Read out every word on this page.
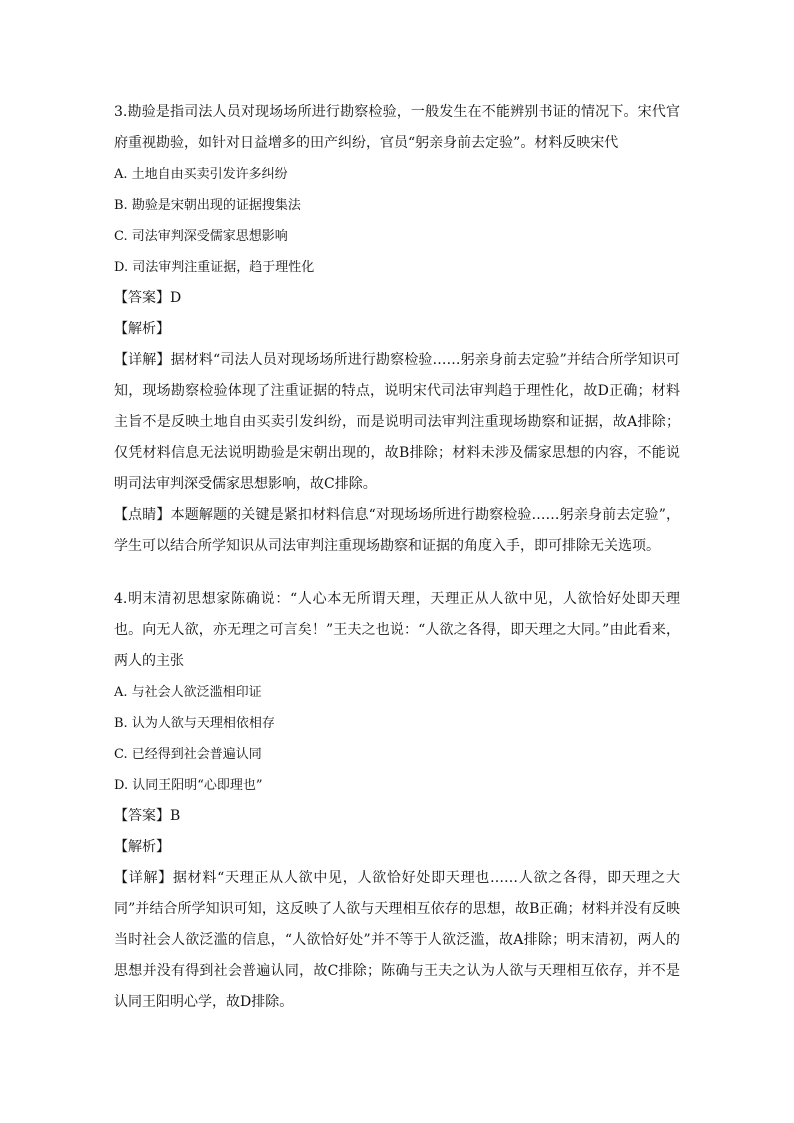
3.勘验是指司法人员对现场场所进行勘察检验，一般发生在不能辨别书证的情况下。宋代官府重视勘验，如针对日益增多的田产纠纷，官员“躬亲身前去定验”。材料反映宋代

A. 土地自由买卖引发许多纠纷
B. 勘验是宋朝出现的证据搜集法
C. 司法审判深受儒家思想影响
D. 司法审判注重证据，趋于理性化
【答案】D
【解析】

【详解】据材料“司法人员对现场场所进行勘察检验……躬亲身前去定验”并结合所学知识可知，现场勘察检验体现了注重证据的特点，说明宋代司法审判趋于理性化，故D正确；材料主旨不是反映土地自由买卖引发纠纷，而是说明司法审判注重现场勘察和证据，故A排除；仅凭材料信息无法说明勘验是宋朝出现的，故B排除；材料未涉及儒家思想的内容，不能说明司法审判深受儒家思想影响，故C排除。

【点睛】本题解题的关键是紧扣材料信息“对现场场所进行勘察检验……躬亲身前去定验”，学生可以结合所学知识从司法审判注重现场勘察和证据的角度入手，即可排除无关选项。

4.明末清初思想家陈确说：“人心本无所谓天理，天理正从人欲中见，人欲恰好处即天理也。向无人欲，亦无理之可言矣！”王夫之也说：“人欲之各得，即天理之大同。”由此看来，两人的主张

A. 与社会人欲泛滥相印证
B. 认为人欲与天理相依相存
C. 已经得到社会普遍认同
D. 认同王阳明“心即理也”
【答案】B
【解析】

【详解】据材料“天理正从人欲中见，人欲恰好处即天理也……人欲之各得，即天理之大同”并结合所学知识可知，这反映了人欲与天理相互依存的思想，故B正确；材料并没有反映当时社会人欲泛滥的信息，“人欲恰好处”并不等于人欲泛滥，故A排除；明末清初，两人的思想并没有得到社会普遍认同，故C排除；陈确与王夫之认为人欲与天理相互依存，并不是认同王阳明心学，故D排除。
